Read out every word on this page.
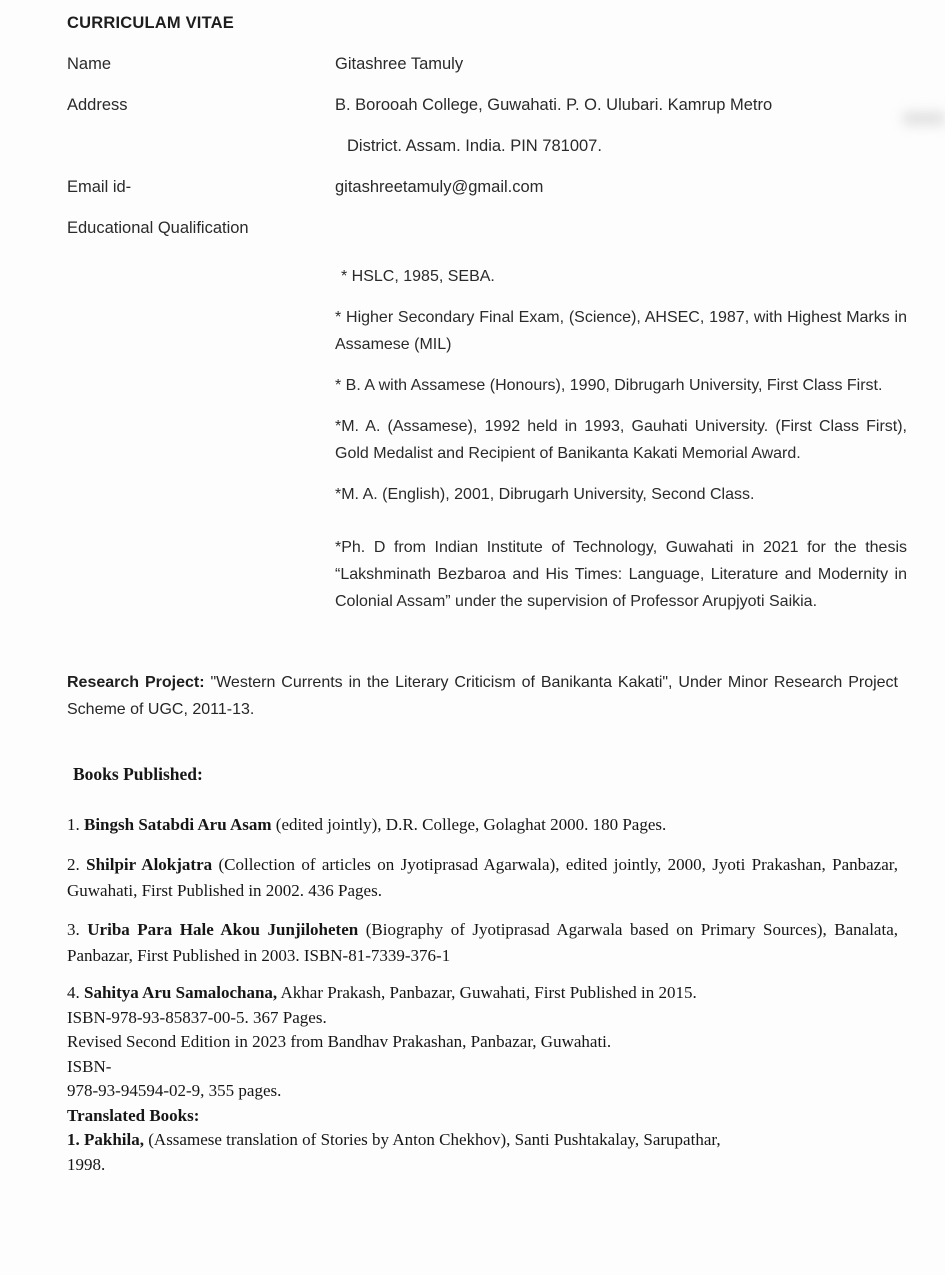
CURRICULAM VITAE
Name	Gitashree Tamuly
Address	B. Borooah College, Guwahati. P. O. Ulubari. Kamrup Metro
District. Assam. India. PIN 781007.
Email id-	gitashreetamuly@gmail.com
Educational Qualification

* HSLC, 1985, SEBA.

* Higher Secondary Final Exam, (Science), AHSEC, 1987, with Highest Marks in Assamese (MIL)

* B. A with Assamese (Honours), 1990, Dibrugarh University, First Class First.

*M. A. (Assamese), 1992 held in 1993, Gauhati University. (First Class First), Gold Medalist and Recipient of Banikanta Kakati Memorial Award.

*M. A. (English), 2001, Dibrugarh University, Second Class.

*Ph. D from Indian Institute of Technology, Guwahati in 2021 for the thesis “Lakshminath Bezbaroa and His Times: Language, Literature and Modernity in Colonial Assam” under the supervision of Professor Arupjyoti Saikia.

Research Project: "Western Currents in the Literary Criticism of Banikanta Kakati", Under Minor Research Project Scheme of UGC, 2011-13.

Books Published:

1. Bingsh Satabdi Aru Asam (edited jointly), D.R. College, Golaghat 2000. 180 Pages.

2. Shilpir Alokjatra (Collection of articles on Jyotiprasad Agarwala), edited jointly, 2000, Jyoti Prakashan, Panbazar, Guwahati, First Published in 2002. 436 Pages.

3. Uriba Para Hale Akou Junjiloheten (Biography of Jyotiprasad Agarwala based on Primary Sources), Banalata, Panbazar, First Published in 2003. ISBN-81-7339-376-1

4. Sahitya Aru Samalochana, Akhar Prakash, Panbazar, Guwahati, First Published in 2015.

ISBN-978-93-85837-00-5. 367 Pages.

Revised Second Edition in 2023 from Bandhav Prakashan, Panbazar, Guwahati.

ISBN-

978-93-94594-02-9, 355 pages.

Translated Books:

1. Pakhila, (Assamese translation of Stories by Anton Chekhov), Santi Pushtakalay, Sarupathar,

1998.
